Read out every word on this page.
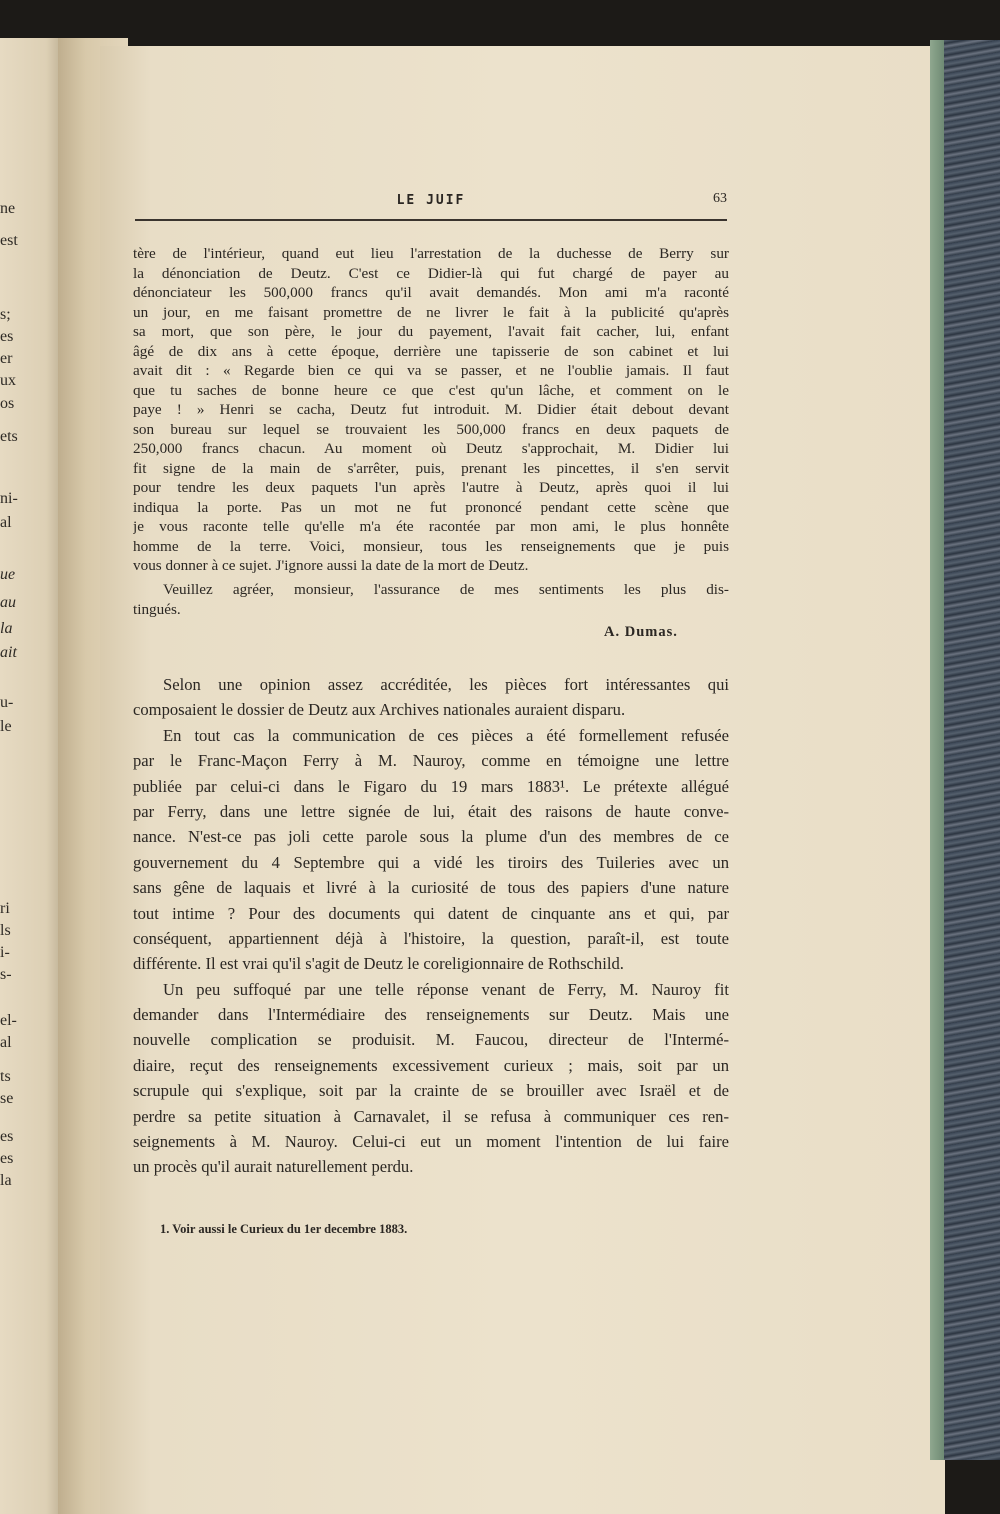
ne
est
s;
es
er
ux
os
ets
ni-
al
ue
au
la
ait
u-
le
ri
ls
i-
s-
el-
al
ts
se
es
es
la
LE JUIF	63
tère de l'intérieur, quand eut lieu l'arrestation de la duchesse de Berry sur
la dénonciation de Deutz. C'est ce Didier-là qui fut chargé de payer au
dénonciateur les 500,000 francs qu'il avait demandés. Mon ami m'a raconté
un jour, en me faisant promettre de ne livrer le fait à la publicité qu'après
sa mort, que son père, le jour du payement, l'avait fait cacher, lui, enfant
âgé de dix ans à cette époque, derrière une tapisserie de son cabinet et lui
avait dit : « Regarde bien ce qui va se passer, et ne l'oublie jamais. Il faut
que tu saches de bonne heure ce que c'est qu'un lâche, et comment on le
paye ! » Henri se cacha, Deutz fut introduit. M. Didier était debout devant
son bureau sur lequel se trouvaient les 500,000 francs en deux paquets de
250,000 francs chacun. Au moment où Deutz s'approchait, M. Didier lui
fit signe de la main de s'arrêter, puis, prenant les pincettes, il s'en servit
pour tendre les deux paquets l'un après l'autre à Deutz, après quoi il lui
indiqua la porte. Pas un mot ne fut prononcé pendant cette scène que
je vous raconte telle qu'elle m'a éte racontée par mon ami, le plus honnête
homme de la terre. Voici, monsieur, tous les renseignements que je puis
vous donner à ce sujet. J'ignore aussi la date de la mort de Deutz.
Veuillez agréer, monsieur, l'assurance de mes sentiments les plus dis-
tingués.
A. Dumas.
Selon une opinion assez accréditée, les pièces fort intéressantes qui
composaient le dossier de Deutz aux Archives nationales auraient disparu.
En tout cas la communication de ces pièces a été formellement refusée
par le Franc-Maçon Ferry à M. Nauroy, comme en témoigne une lettre
publiée par celui-ci dans le Figaro du 19 mars 1883¹. Le prétexte allégué
par Ferry, dans une lettre signée de lui, était des raisons de haute conve-
nance. N'est-ce pas joli cette parole sous la plume d'un des membres de ce
gouvernement du 4 Septembre qui a vidé les tiroirs des Tuileries avec un
sans gêne de laquais et livré à la curiosité de tous des papiers d'une nature
tout intime ? Pour des documents qui datent de cinquante ans et qui, par
conséquent, appartiennent déjà à l'histoire, la question, paraît-il, est toute
différente. Il est vrai qu'il s'agit de Deutz le coreligionnaire de Rothschild.
Un peu suffoqué par une telle réponse venant de Ferry, M. Nauroy fit
demander dans l'Intermédiaire des renseignements sur Deutz. Mais une
nouvelle complication se produisit. M. Faucou, directeur de l'Intermé-
diaire, reçut des renseignements excessivement curieux ; mais, soit par un
scrupule qui s'explique, soit par la crainte de se brouiller avec Israël et de
perdre sa petite situation à Carnavalet, il se refusa à communiquer ces ren-
seignements à M. Nauroy. Celui-ci eut un moment l'intention de lui faire
un procès qu'il aurait naturellement perdu.
1. Voir aussi le Curieux du 1er decembre 1883.
